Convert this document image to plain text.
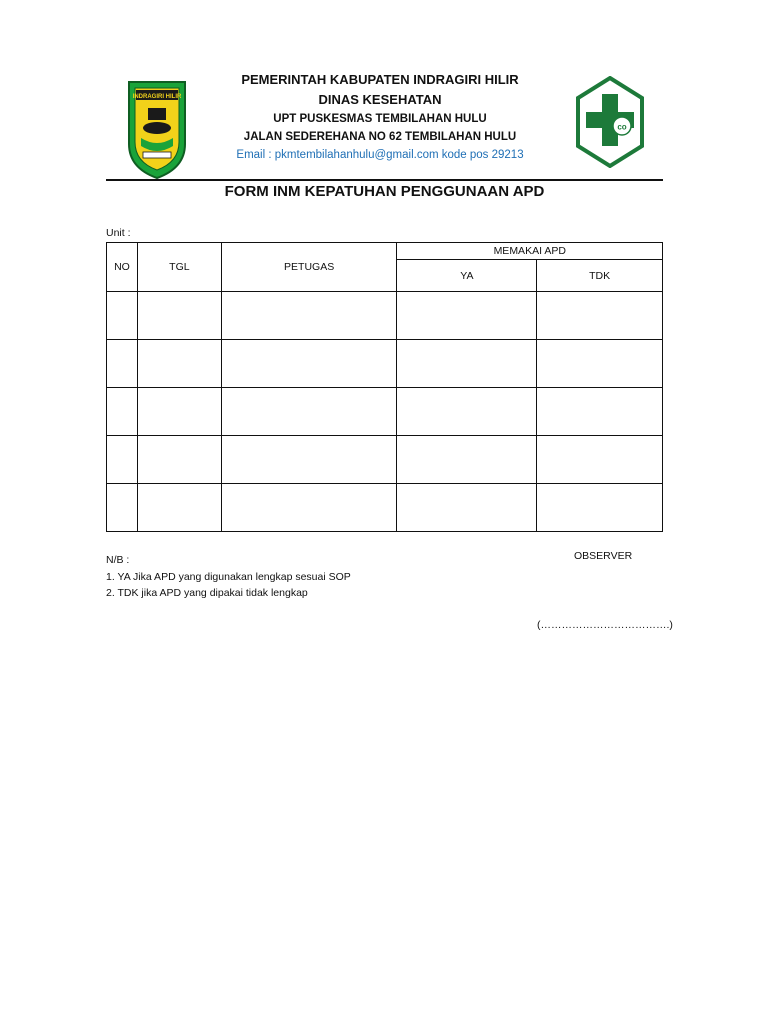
INDRAGIRI HILIR
PEMERINTAH KABUPATEN INDRAGIRI HILIR
DINAS KESEHATAN
UPT PUSKESMAS TEMBILAHAN HULU
JALAN SEDEREHANA NO 62 TEMBILAHAN HULU
Email : pkmtembilahanhulu@gmail.com kode pos 29213
co
FORM INM KEPATUHAN PENGGUNAAN APD
Unit :
NO	TGL	PETUGAS	MEMAKAI APD	
			YA	TDK

N/B :
1. YA Jika APD yang digunakan lengkap sesuai SOP
2. TDK jika APD yang dipakai tidak lengkap
OBSERVER
(……………………………….)
